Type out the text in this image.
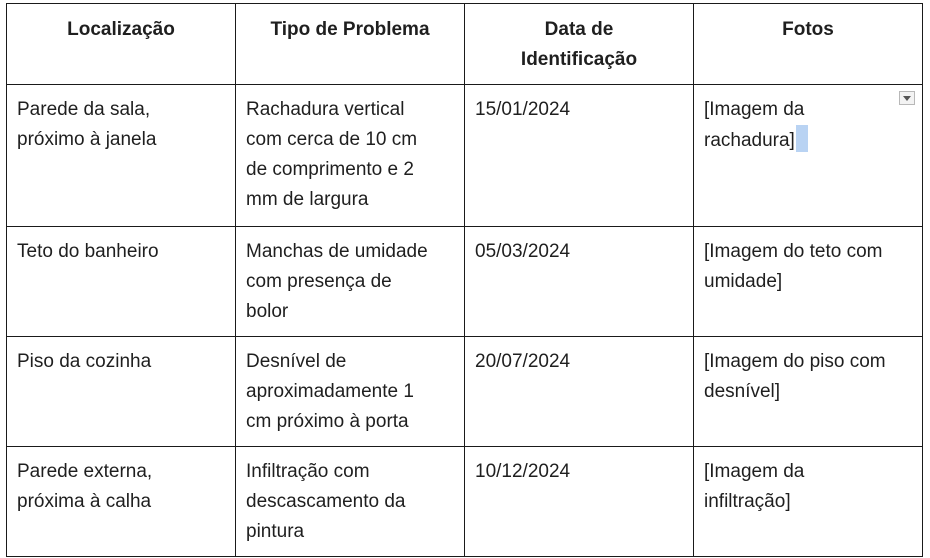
Localização	Tipo de Problema	Data de
Identificação	Fotos
Parede da sala,
próximo à janela	Rachadura vertical
com cerca de 10 cm
de comprimento e 2
mm de largura	15/01/2024	[Imagem da
rachadura]

Teto do banheiro	Manchas de umidade
com presença de
bolor	05/03/2024	[Imagem do teto com
umidade]
Piso da cozinha	Desnível de
aproximadamente 1
cm próximo à porta	20/07/2024	[Imagem do piso com
desnível]
Parede externa,
próxima à calha	Infiltração com
descascamento da
pintura	10/12/2024	[Imagem da
infiltração]
